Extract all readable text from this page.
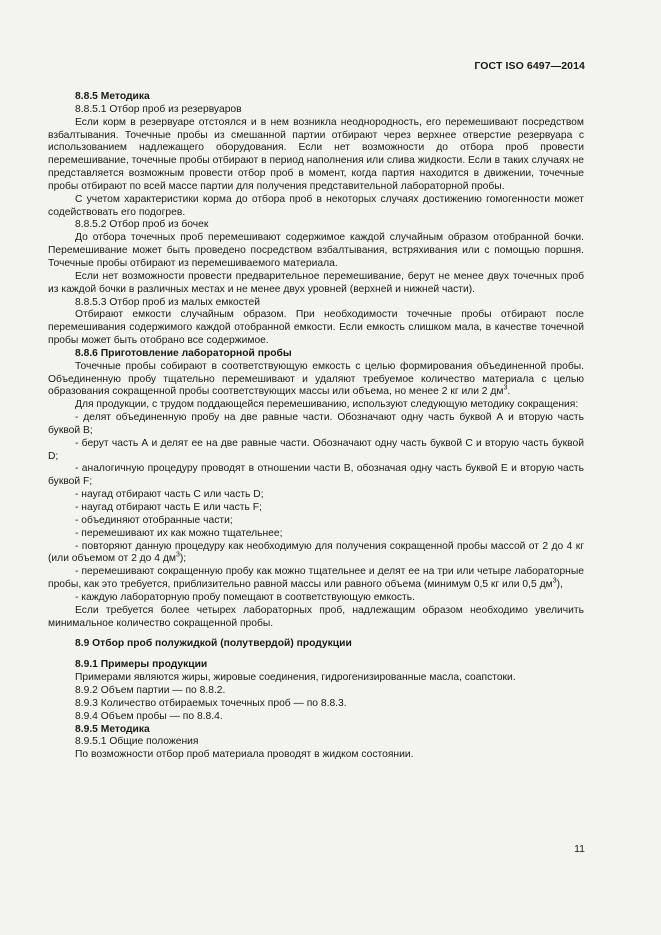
ГОСТ ISO 6497—2014

8.8.5 Методика

8.8.5.1 Отбор проб из резервуаров

Если корм в резервуаре отстоялся и в нем возникла неоднородность, его перемешивают посредством взбалтывания. Точечные пробы из смешанной партии отбирают через верхнее отверстие резервуара с использованием надлежащего оборудования. Если нет возможности до отбора проб провести перемешивание, точечные пробы отбирают в период наполнения или слива жидкости. Если в таких случаях не представляется возможным провести отбор проб в момент, когда партия находится в движении, точечные пробы отбирают по всей массе партии для получения представительной лабораторной пробы.

С учетом характеристики корма до отбора проб в некоторых случаях достижению гомогенности может содействовать его подогрев.

8.8.5.2 Отбор проб из бочек

До отбора точечных проб перемешивают содержимое каждой случайным образом отобранной бочки. Перемешивание может быть проведено посредством взбалтывания, встряхивания или с помощью поршня. Точечные пробы отбирают из перемешиваемого материала.

Если нет возможности провести предварительное перемешивание, берут не менее двух точечных проб из каждой бочки в различных местах и не менее двух уровней (верхней и нижней части).

8.8.5.3 Отбор проб из малых емкостей

Отбирают емкости случайным образом. При необходимости точечные пробы отбирают после перемешивания содержимого каждой отобранной емкости. Если емкость слишком мала, в качестве точечной пробы может быть отобрано все содержимое.

8.8.6 Приготовление лабораторной пробы

Точечные пробы собирают в соответствующую емкость с целью формирования объединенной пробы. Объединенную пробу тщательно перемешивают и удаляют требуемое количество материала с целью образования сокращенной пробы соответствующих массы или объема, но менее 2 кг или 2 $дм^3$.

Для продукции, с трудом поддающейся перемешиванию, используют следующую методику сокращения:

- делят объединенную пробу на две равные части. Обозначают одну часть буквой А и вторую часть буквой В;

- берут часть А и делят ее на две равные части. Обозначают одну часть буквой С и вторую часть буквой D;

- аналогичную процедуру проводят в отношении части В, обозначая одну часть буквой Е и вторую часть буквой F;

- наугад отбирают часть С или часть D;

- наугад отбирают часть Е или часть F;

- объединяют отобранные части;

- перемешивают их как можно тщательнее;

- повторяют данную процедуру как необходимую для получения сокращенной пробы массой от 2 до 4 кг (или объемом от 2 до 4 $дм^3$);

- перемешивают сокращенную пробу как можно тщательнее и делят ее на три или четыре лабораторные пробы, как это требуется, приблизительно равной массы или равного объема (минимум 0,5 кг или 0,5 $дм^3$),

- каждую лабораторную пробу помещают в соответствующую емкость.

Если требуется более четырех лабораторных проб, надлежащим образом необходимо увеличить минимальное количество сокращенной пробы.

8.9 Отбор проб полужидкой (полутвердой) продукции

8.9.1 Примеры продукции

Примерами являются жиры, жировые соединения, гидрогенизированные масла, соапстоки.

8.9.2 Объем партии — по 8.8.2.

8.9.3 Количество отбираемых точечных проб — по 8.8.3.

8.9.4 Объем пробы — по 8.8.4.

8.9.5 Методика

8.9.5.1 Общие положения

По возможности отбор проб материала проводят в жидком состоянии.

11
